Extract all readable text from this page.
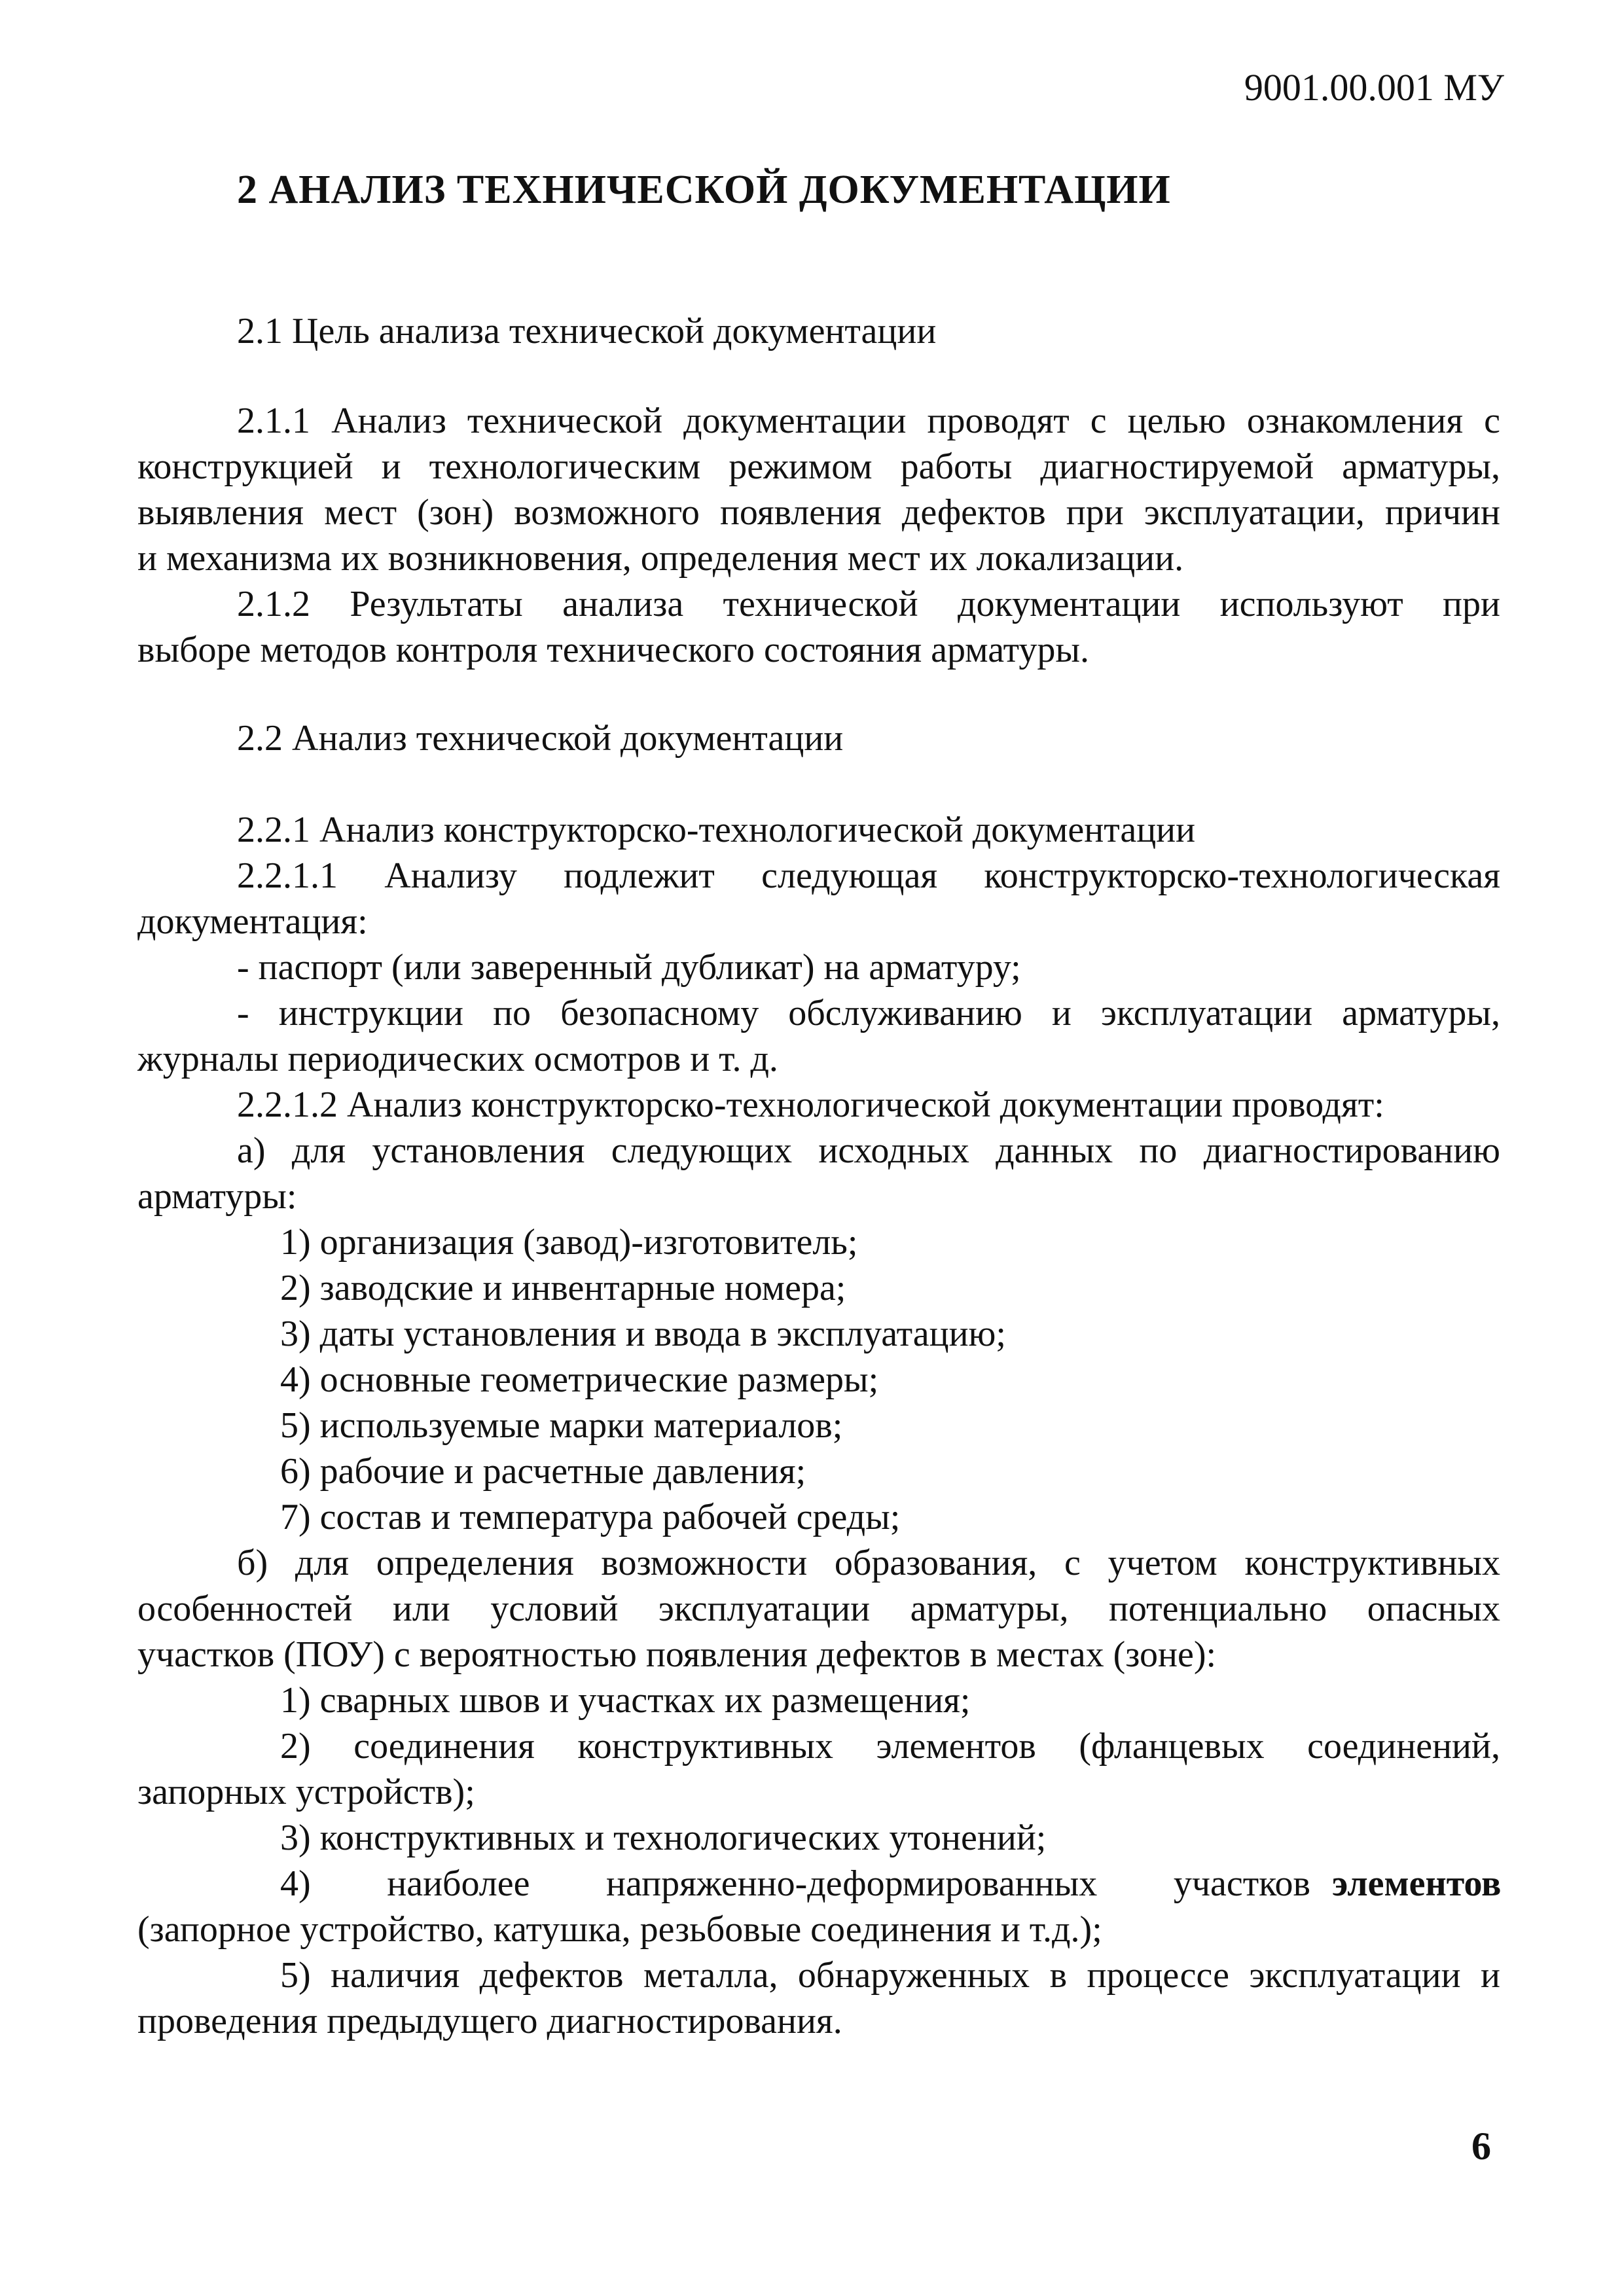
9001.00.001 МУ
2 АНАЛИЗ ТЕХНИЧЕСКОЙ ДОКУМЕНТАЦИИ
2.1 Цель анализа технической документации
2.1.1 Анализ технической документации проводят с целью ознакомления с
конструкцией и технологическим режимом работы диагностируемой арматуры,
выявления мест (зон) возможного появления дефектов при эксплуатации, причин
и механизма их возникновения, определения мест их локализации.
2.1.2 Результаты анализа технической документации используют при
выборе методов контроля технического состояния арматуры.
2.2 Анализ технической документации
2.2.1 Анализ конструкторско-технологической документации
2.2.1.1 Анализу подлежит следующая конструкторско-технологическая
документация:
- паспорт (или заверенный дубликат) на арматуру;
- инструкции по безопасному обслуживанию и эксплуатации арматуры,
журналы периодических осмотров и т. д.
2.2.1.2 Анализ конструкторско-технологической документации проводят:
а) для установления следующих исходных данных по диагностированию
арматуры:
1) организация (завод)-изготовитель;
2) заводские и инвентарные номера;
3) даты установления и ввода в эксплуатацию;
4) основные геометрические размеры;
5) используемые марки материалов;
6) рабочие и расчетные давления;
7) состав и температура рабочей среды;
б) для определения возможности образования, с учетом конструктивных
особенностей или условий эксплуатации арматуры, потенциально опасных
участков (ПОУ) с вероятностью появления дефектов в местах (зоне):
1) сварных швов и участках их размещения;
2) соединения конструктивных элементов (фланцевых соединений,
запорных устройств);
3) конструктивных и технологических утонений;
4) наиболее напряженно-деформированных участков элементов
(запорное устройство, катушка, резьбовые соединения и т.д.);
5) наличия дефектов металла, обнаруженных в процессе эксплуатации и
проведения предыдущего диагностирования.
6
